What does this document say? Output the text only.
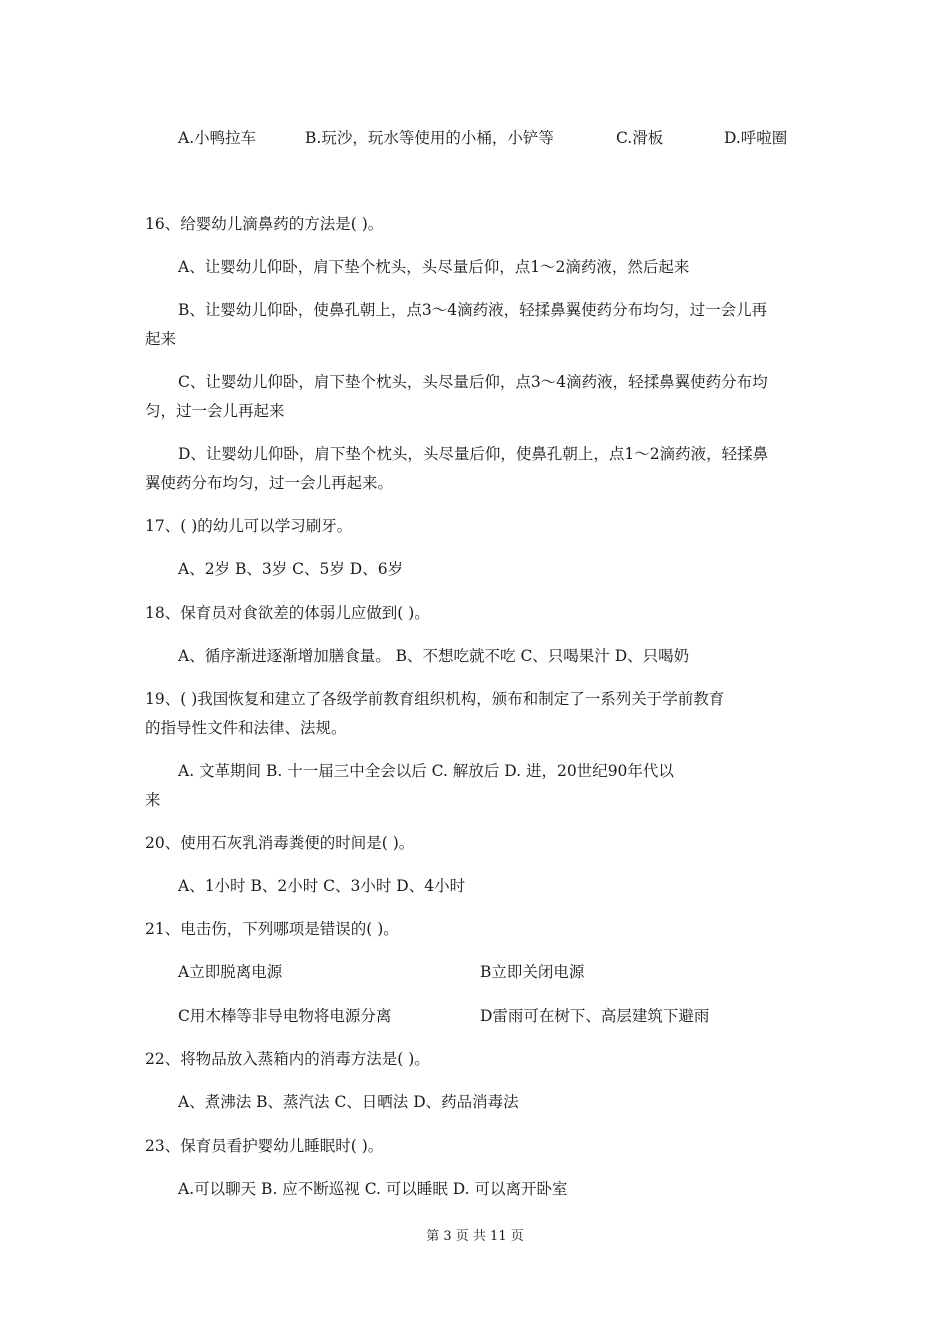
A.小鸭拉车	B.玩沙，玩水等使用的小桶，小铲等	C.滑板	D.呼啦圈
16、给婴幼儿滴鼻药的方法是( )。
A、让婴幼儿仰卧，肩下垫个枕头，头尽量后仰，点1～2滴药液，然后起来
B、让婴幼儿仰卧，使鼻孔朝上，点3～4滴药液，轻揉鼻翼使药分布均匀，过一会儿再
起来
C、让婴幼儿仰卧，肩下垫个枕头，头尽量后仰，点3～4滴药液，轻揉鼻翼使药分布均
匀，过一会儿再起来
D、让婴幼儿仰卧，肩下垫个枕头，头尽量后仰，使鼻孔朝上，点1～2滴药液，轻揉鼻
翼使药分布均匀，过一会儿再起来。
17、( )的幼儿可以学习刷牙。
A、2岁 B、3岁 C、5岁 D、6岁
18、保育员对食欲差的体弱儿应做到( )。
A、循序渐进逐渐增加膳食量。 B、不想吃就不吃 C、只喝果汁 D、只喝奶
19、( )我国恢复和建立了各级学前教育组织机构，颁布和制定了一系列关于学前教育
的指导性文件和法律、法规。
A. 文革期间 B. 十一届三中全会以后 C. 解放后 D. 进，20世纪90年代以
来
20、使用石灰乳消毒粪便的时间是( )。
A、1小时 B、2小时 C、3小时 D、4小时
21、电击伤，下列哪项是错误的( )。
A立即脱离电源	B立即关闭电源
C用木棒等非导电物将电源分离	D雷雨可在树下、高层建筑下避雨
22、将物品放入蒸箱内的消毒方法是( )。
A、煮沸法 B、蒸汽法 C、日晒法 D、药品消毒法
23、保育员看护婴幼儿睡眠时( )。
A.可以聊天 B. 应不断巡视 C. 可以睡眠 D. 可以离开卧室
第 3 页 共 11 页
